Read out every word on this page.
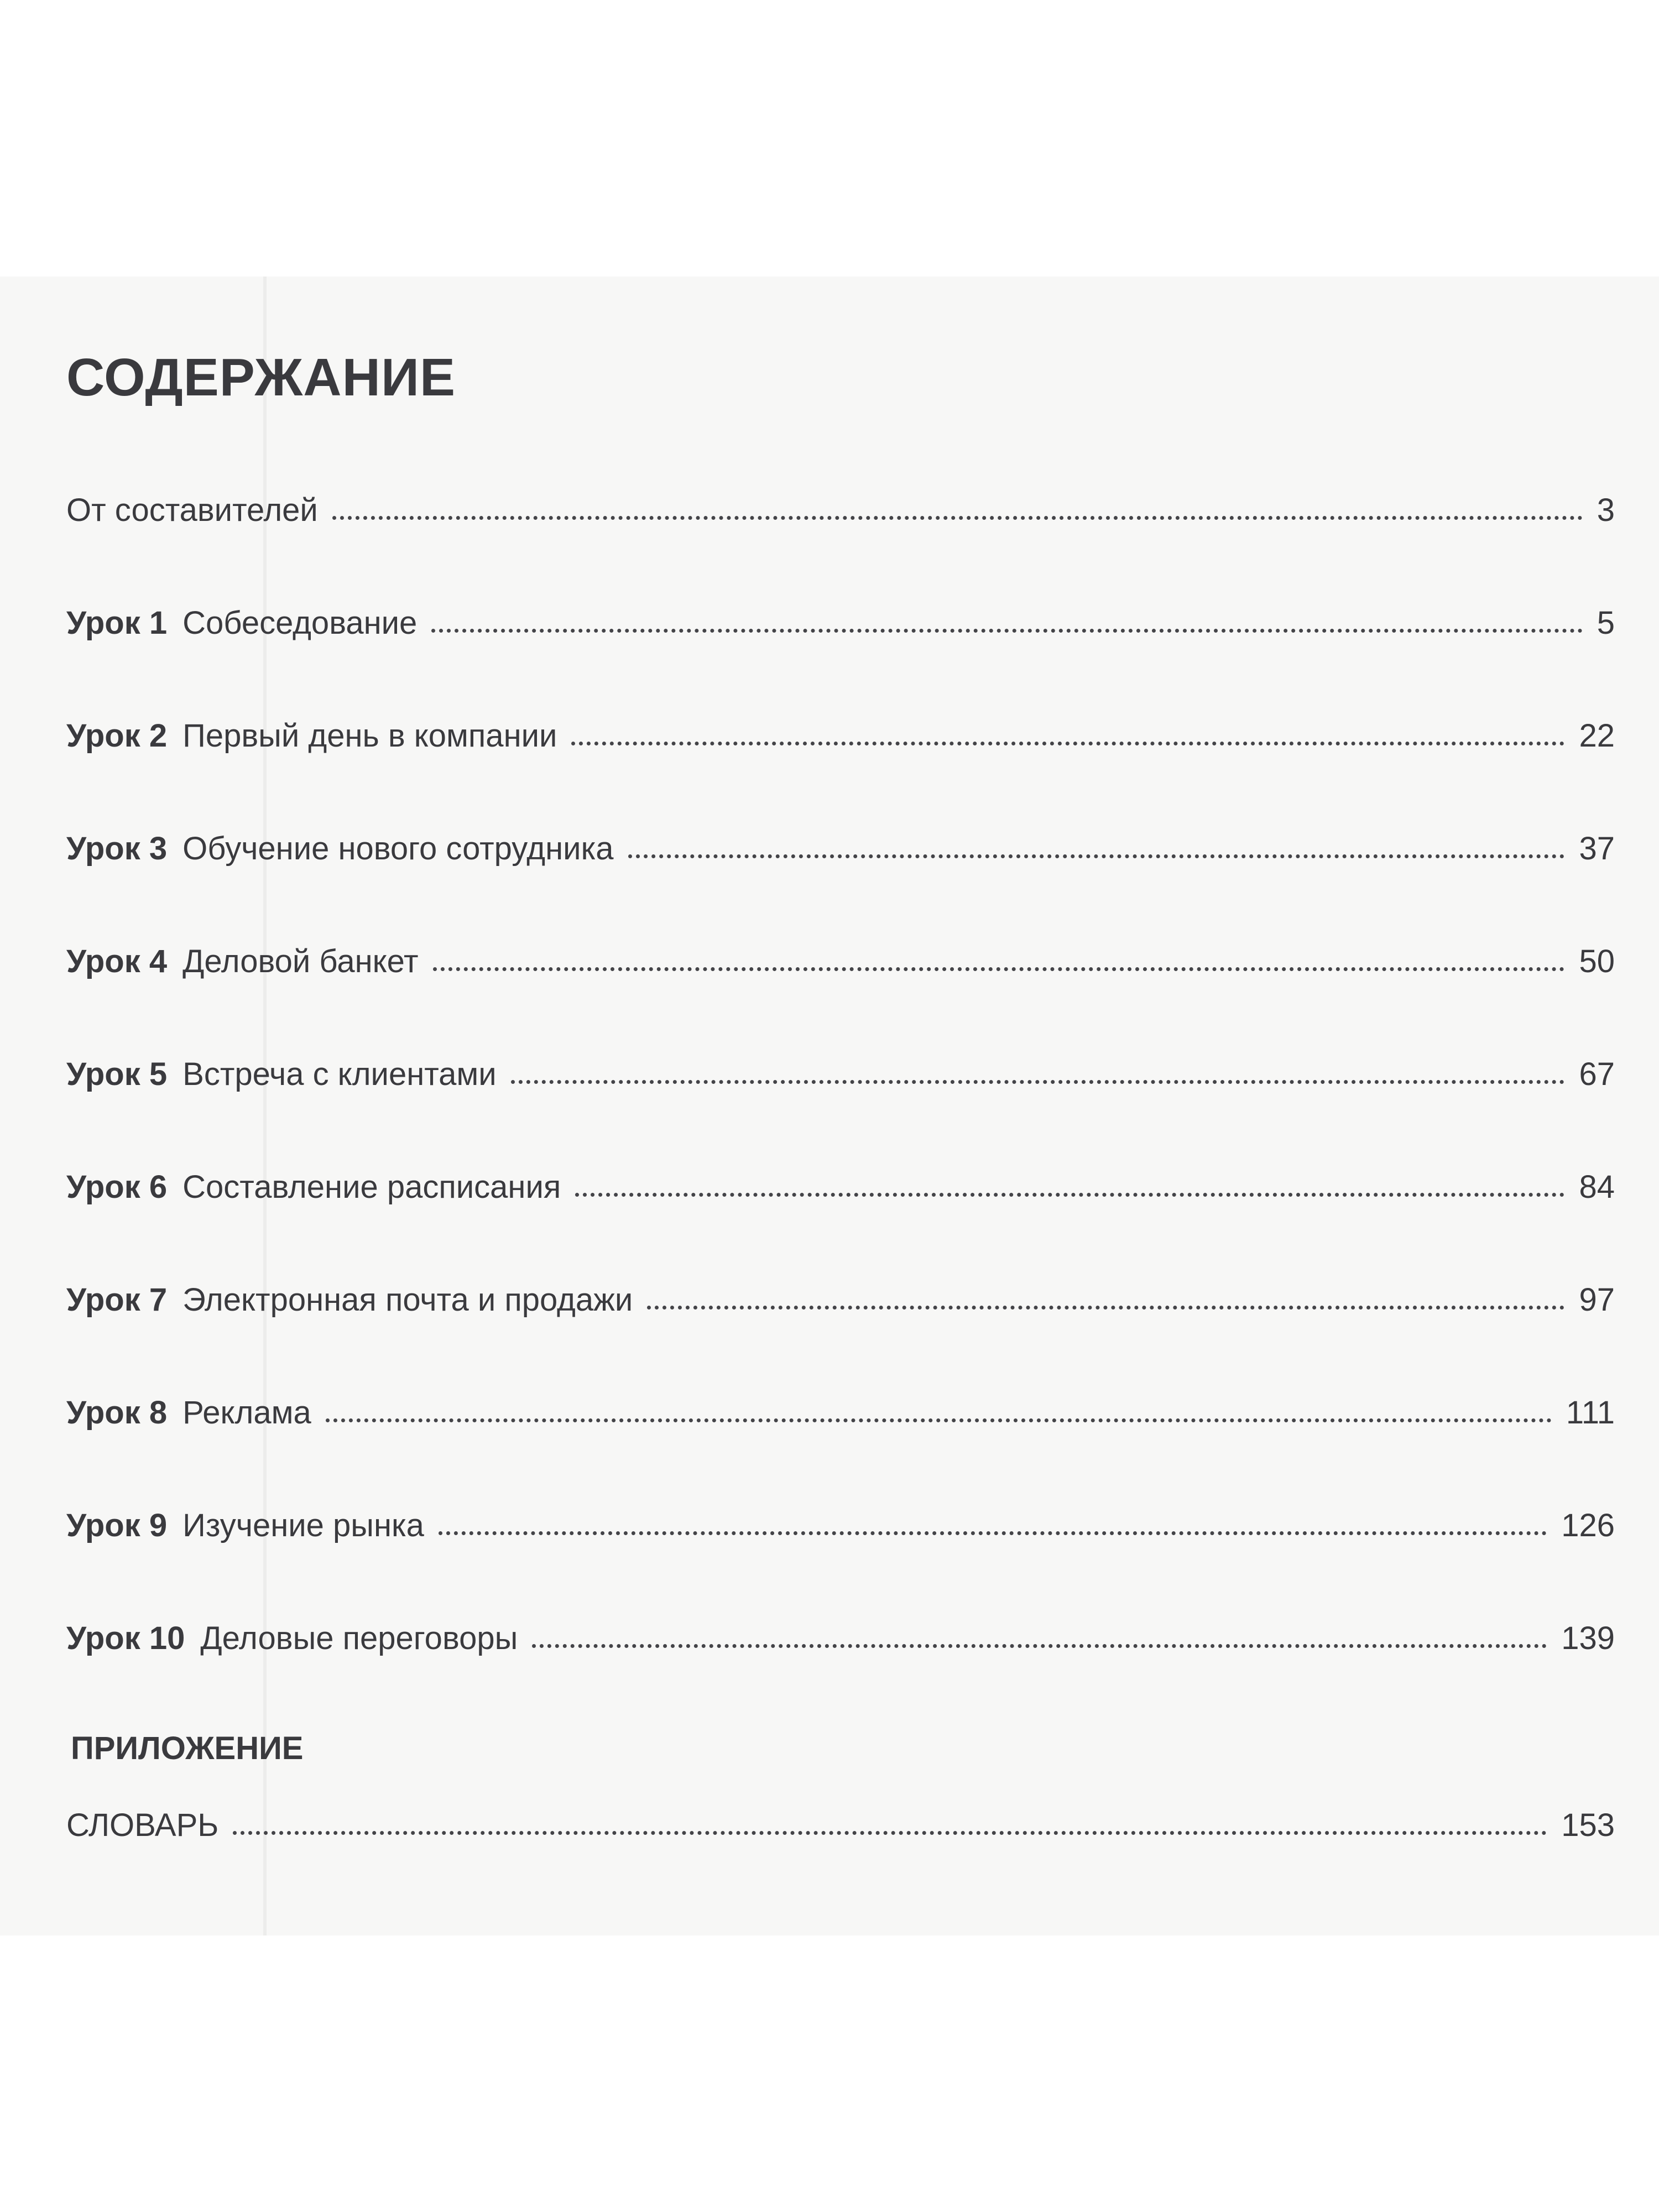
СОДЕРЖАНИЕ
От составителей	3
Урок 1 Собеседование	5
Урок 2 Первый день в компании	22
Урок 3 Обучение нового сотрудника	37
Урок 4 Деловой банкет	50
Урок 5 Встреча с клиентами	67
Урок 6 Составление расписания	84
Урок 7 Электронная почта и продажи	97
Урок 8 Реклама	111
Урок 9 Изучение рынка	126
Урок 10 Деловые переговоры	139
ПРИЛОЖЕНИЕ
СЛОВАРЬ	153
